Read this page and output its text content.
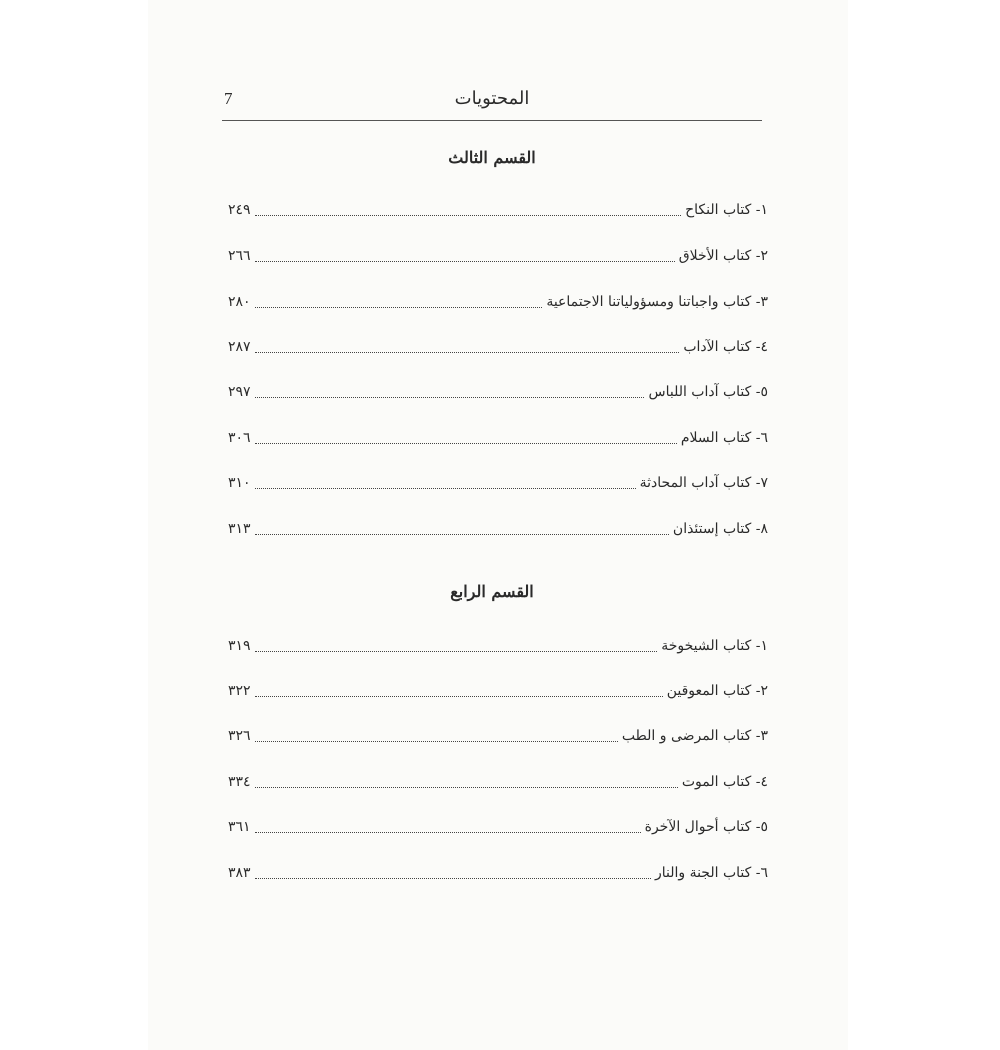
7	المحتويات
القسم الثالث
١- كتاب النكاح
٢٤٩
٢- كتاب الأخلاق
٢٦٦
٣- كتاب واجباتنا ومسؤولياتنا الاجتماعية
٢٨٠
٤- كتاب الآداب
٢٨٧
٥- كتاب آداب اللباس
٢٩٧
٦- كتاب السلام
٣٠٦
٧- كتاب آداب المحادثة
٣١٠
٨- كتاب إستئذان
٣١٣
القسم الرابع
١- كتاب الشيخوخة
٣١٩
٢- كتاب المعوقين
٣٢٢
٣- كتاب المرضى و الطب
٣٢٦
٤- كتاب الموت
٣٣٤
٥- كتاب أحوال الآخرة
٣٦١
٦- كتاب الجنة والنار
٣٨٣
